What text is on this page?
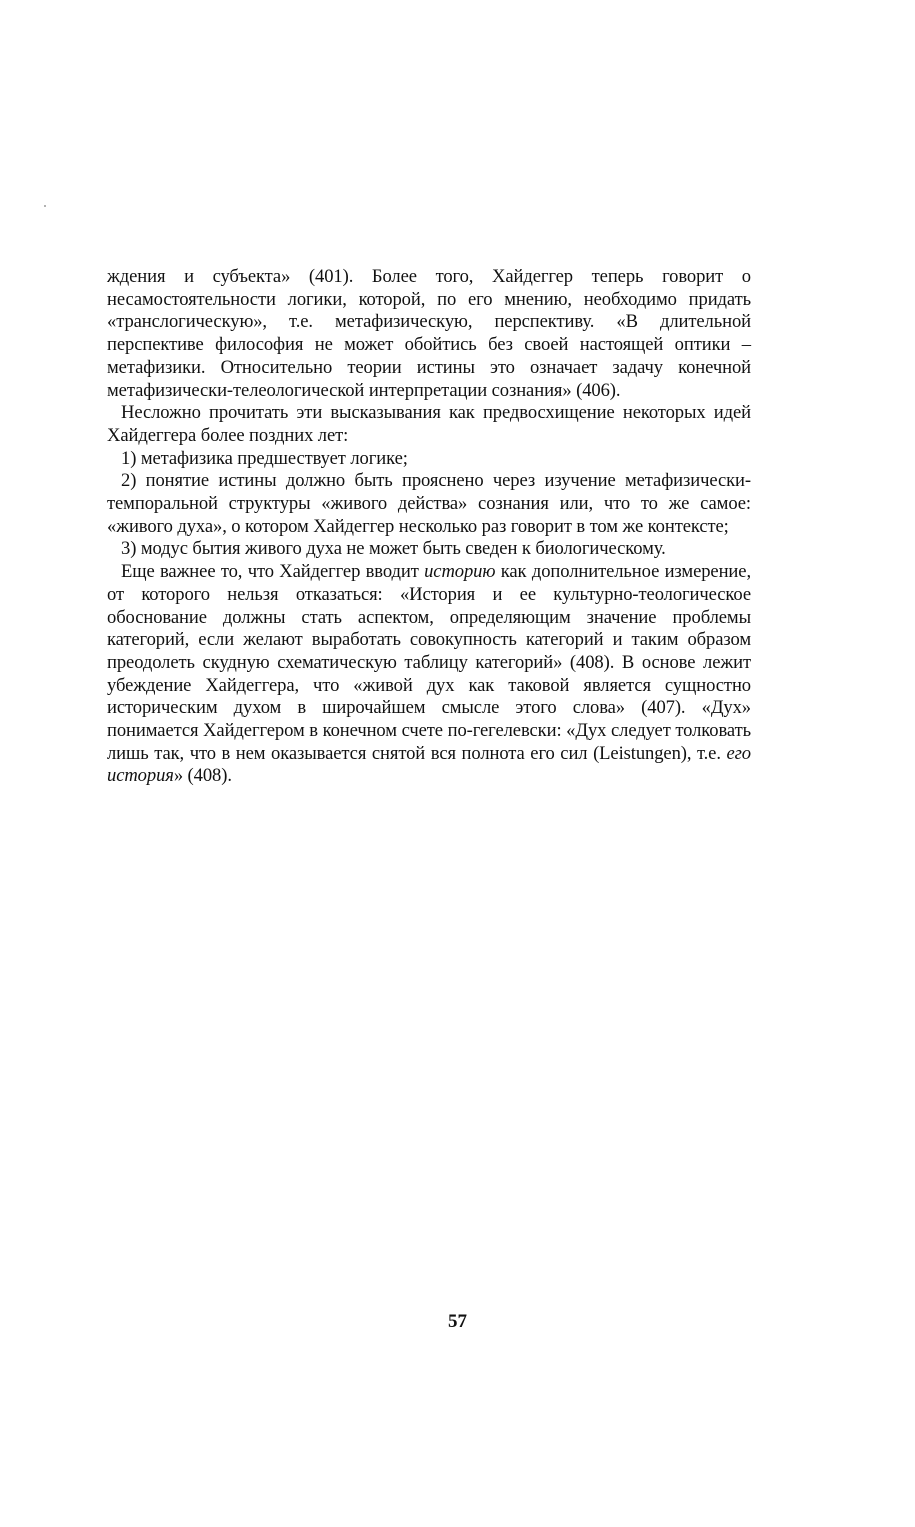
ждения и субъекта» (401). Более того, Хайдеггер теперь говорит о несамостоятельности логики, которой, по его мнению, необходимо придать «транслогическую», т.е. метафизическую, перспективу. «В длительной перспективе философия не может обойтись без своей настоящей оптики – метафизики. Относительно теории истины это означает задачу конечной метафизически-телеологической интерпретации сознания» (406).

Несложно прочитать эти высказывания как предвосхищение некоторых идей Хайдеггера более поздних лет:

1) метафизика предшествует логике;

2) понятие истины должно быть прояснено через изучение метафизически-темпоральной структуры «живого действа» сознания или, что то же самое: «живого духа», о котором Хайдеггер несколько раз говорит в том же контексте;

3) модус бытия живого духа не может быть сведен к биологическому.

Еще важнее то, что Хайдеггер вводит историю как дополнительное измерение, от которого нельзя отказаться: «История и ее культурно-теологическое обоснование должны стать аспектом, определяющим значение проблемы категорий, если желают выработать совокупность категорий и таким образом преодолеть скудную схематическую таблицу категорий» (408). В основе лежит убеждение Хайдеггера, что «живой дух как таковой является сущностно историческим духом в широчайшем смысле этого слова» (407). «Дух» понимается Хайдеггером в конечном счете по-гегелевски: «Дух следует толковать лишь так, что в нем оказывается снятой вся полнота его сил (Leistungen), т.е. его история» (408).

57
